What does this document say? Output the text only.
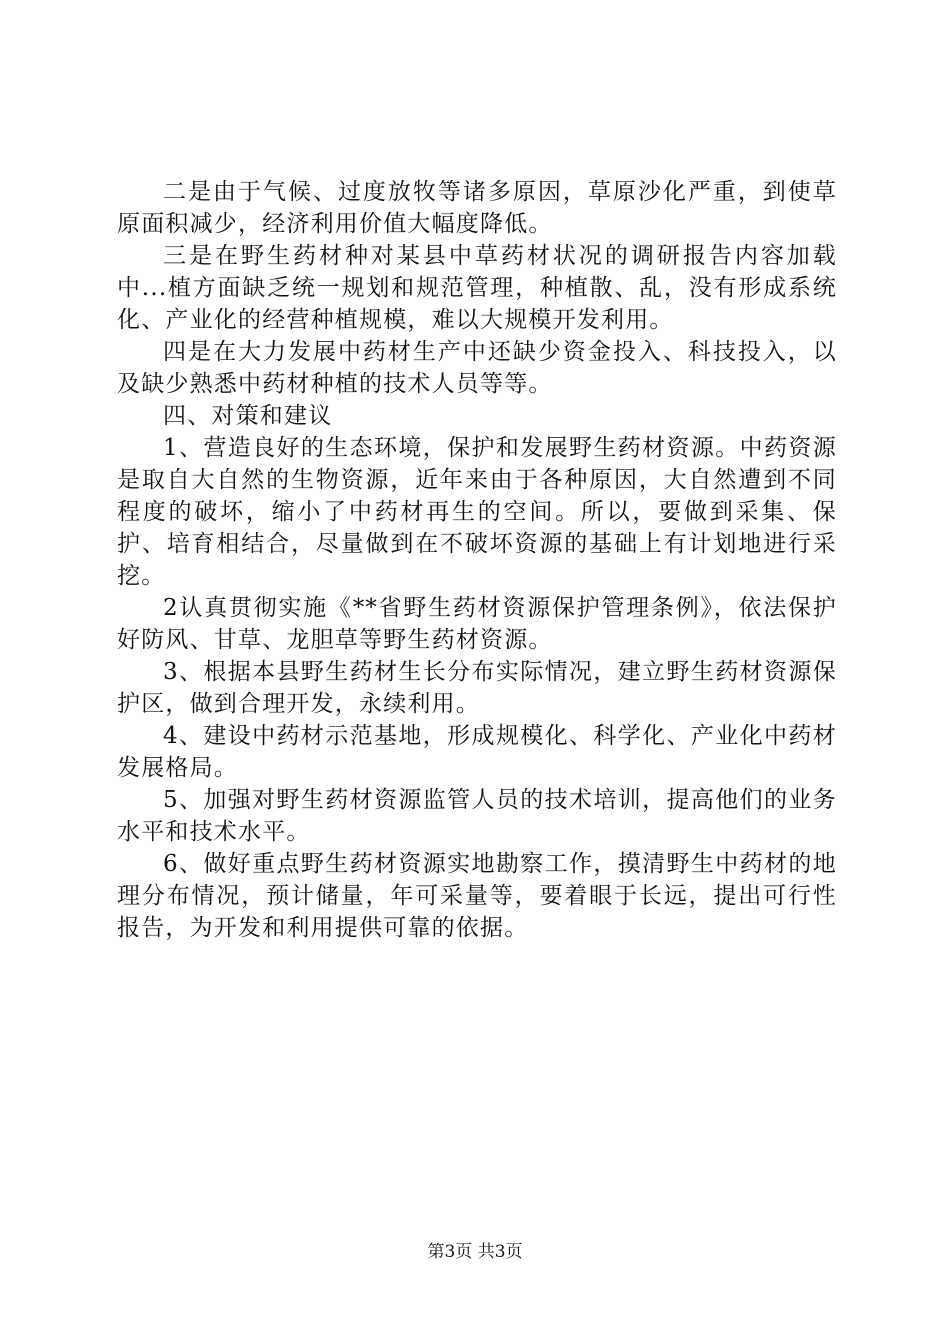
二是由于气候、过度放牧等诸多原因，草原沙化严重，到使草原面积减少，经济利用价值大幅度降低。

三是在野生药材种对某县中草药材状况的调研报告内容加载中...植方面缺乏统一规划和规范管理，种植散、乱，没有形成系统化、产业化的经营种植规模，难以大规模开发利用。

四是在大力发展中药材生产中还缺少资金投入、科技投入，以及缺少熟悉中药材种植的技术人员等等。

四、对策和建议

1、营造良好的生态环境，保护和发展野生药材资源。中药资源是取自大自然的生物资源，近年来由于各种原因，大自然遭到不同程度的破坏，缩小了中药材再生的空间。所以，要做到采集、保护、培育相结合，尽量做到在不破坏资源的基础上有计划地进行采挖。

2认真贯彻实施《**省野生药材资源保护管理条例》，依法保护好防风、甘草、龙胆草等野生药材资源。

3、根据本县野生药材生长分布实际情况，建立野生药材资源保护区，做到合理开发，永续利用。

4、建设中药材示范基地，形成规模化、科学化、产业化中药材发展格局。

5、加强对野生药材资源监管人员的技术培训，提高他们的业务水平和技术水平。

6、做好重点野生药材资源实地勘察工作，摸清野生中药材的地理分布情况，预计储量，年可采量等，要着眼于长远，提出可行性报告，为开发和利用提供可靠的依据。

第3页 共3页
